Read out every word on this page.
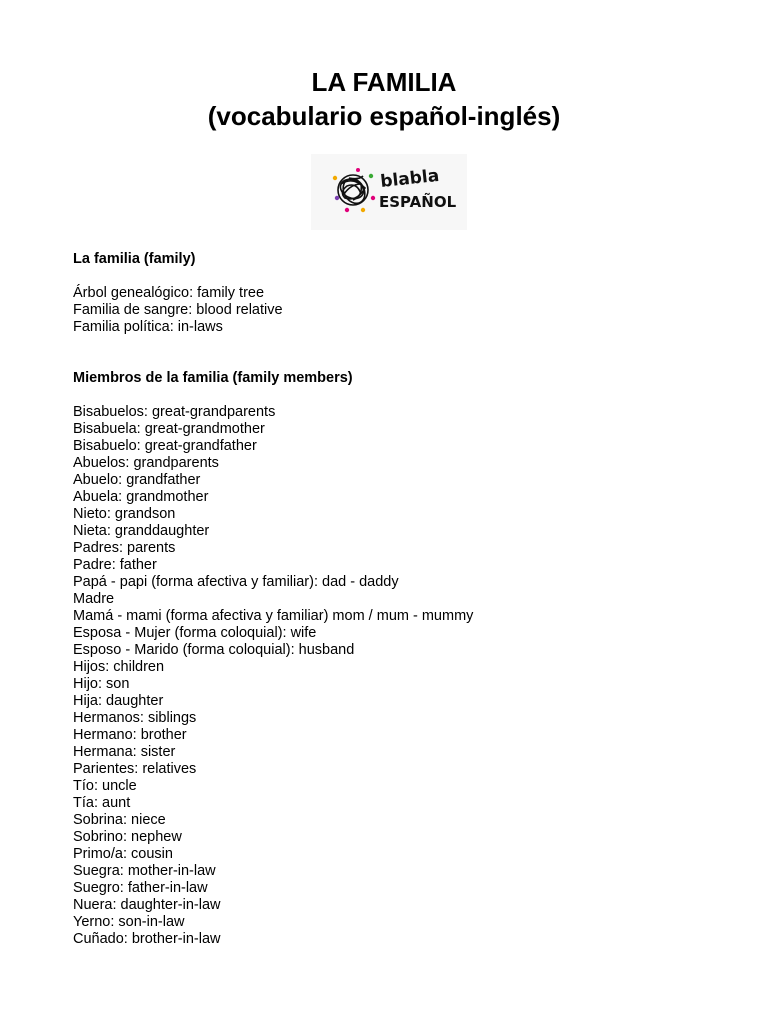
LA FAMILIA

(vocabulario español-inglés)

blabla
ESPAÑOL
La familia (family)
Árbol genealógico: family tree
Familia de sangre: blood relative
Familia política: in-laws
Miembros de la familia (family members)
Bisabuelos: great-grandparents
Bisabuela: great-grandmother
Bisabuelo: great-grandfather
Abuelos: grandparents
Abuelo: grandfather
Abuela: grandmother
Nieto: grandson
Nieta: granddaughter
Padres: parents
Padre: father
Papá - papi (forma afectiva y familiar): dad - daddy
Madre
Mamá - mami (forma afectiva y familiar) mom / mum - mummy
Esposa - Mujer (forma coloquial): wife
Esposo - Marido (forma coloquial): husband
Hijos: children
Hijo: son
Hija: daughter
Hermanos: siblings
Hermano: brother
Hermana: sister
Parientes: relatives
Tío: uncle
Tía: aunt
Sobrina: niece
Sobrino: nephew
Primo/a: cousin
Suegra: mother-in-law
Suegro: father-in-law
Nuera: daughter-in-law
Yerno: son-in-law
Cuñado: brother-in-law
